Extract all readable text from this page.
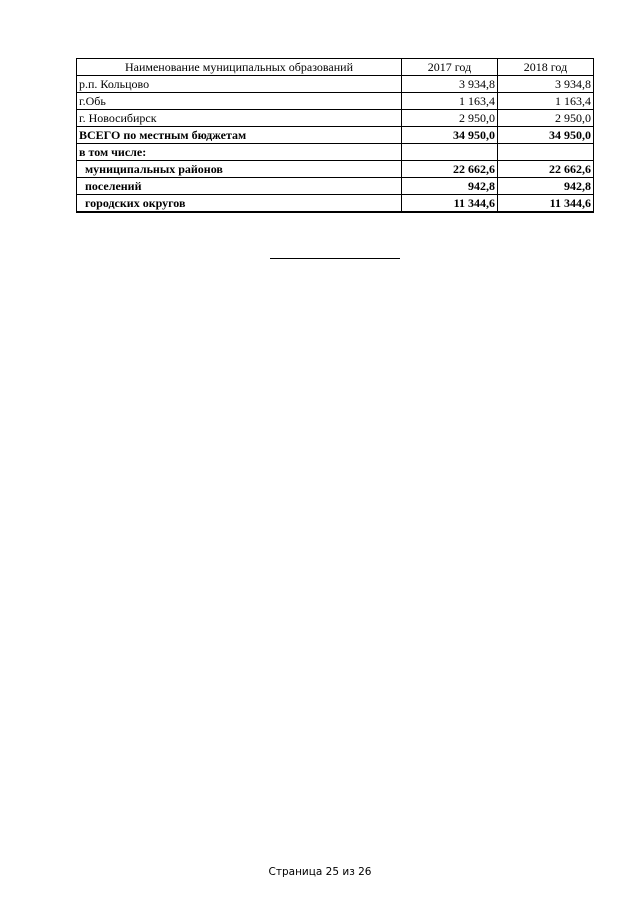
Наименование муниципальных образований	2017 год	2018 год
р.п. Кольцово	3 934,8	3 934,8
г.Обь	1 163,4	1 163,4
г. Новосибирск	2 950,0	2 950,0
ВСЕГО по местным бюджетам	34 950,0	34 950,0
в том числе:		
муниципальных районов	22 662,6	22 662,6
поселений	942,8	942,8
городских округов	11 344,6	11 344,6
Страница 25 из 26
